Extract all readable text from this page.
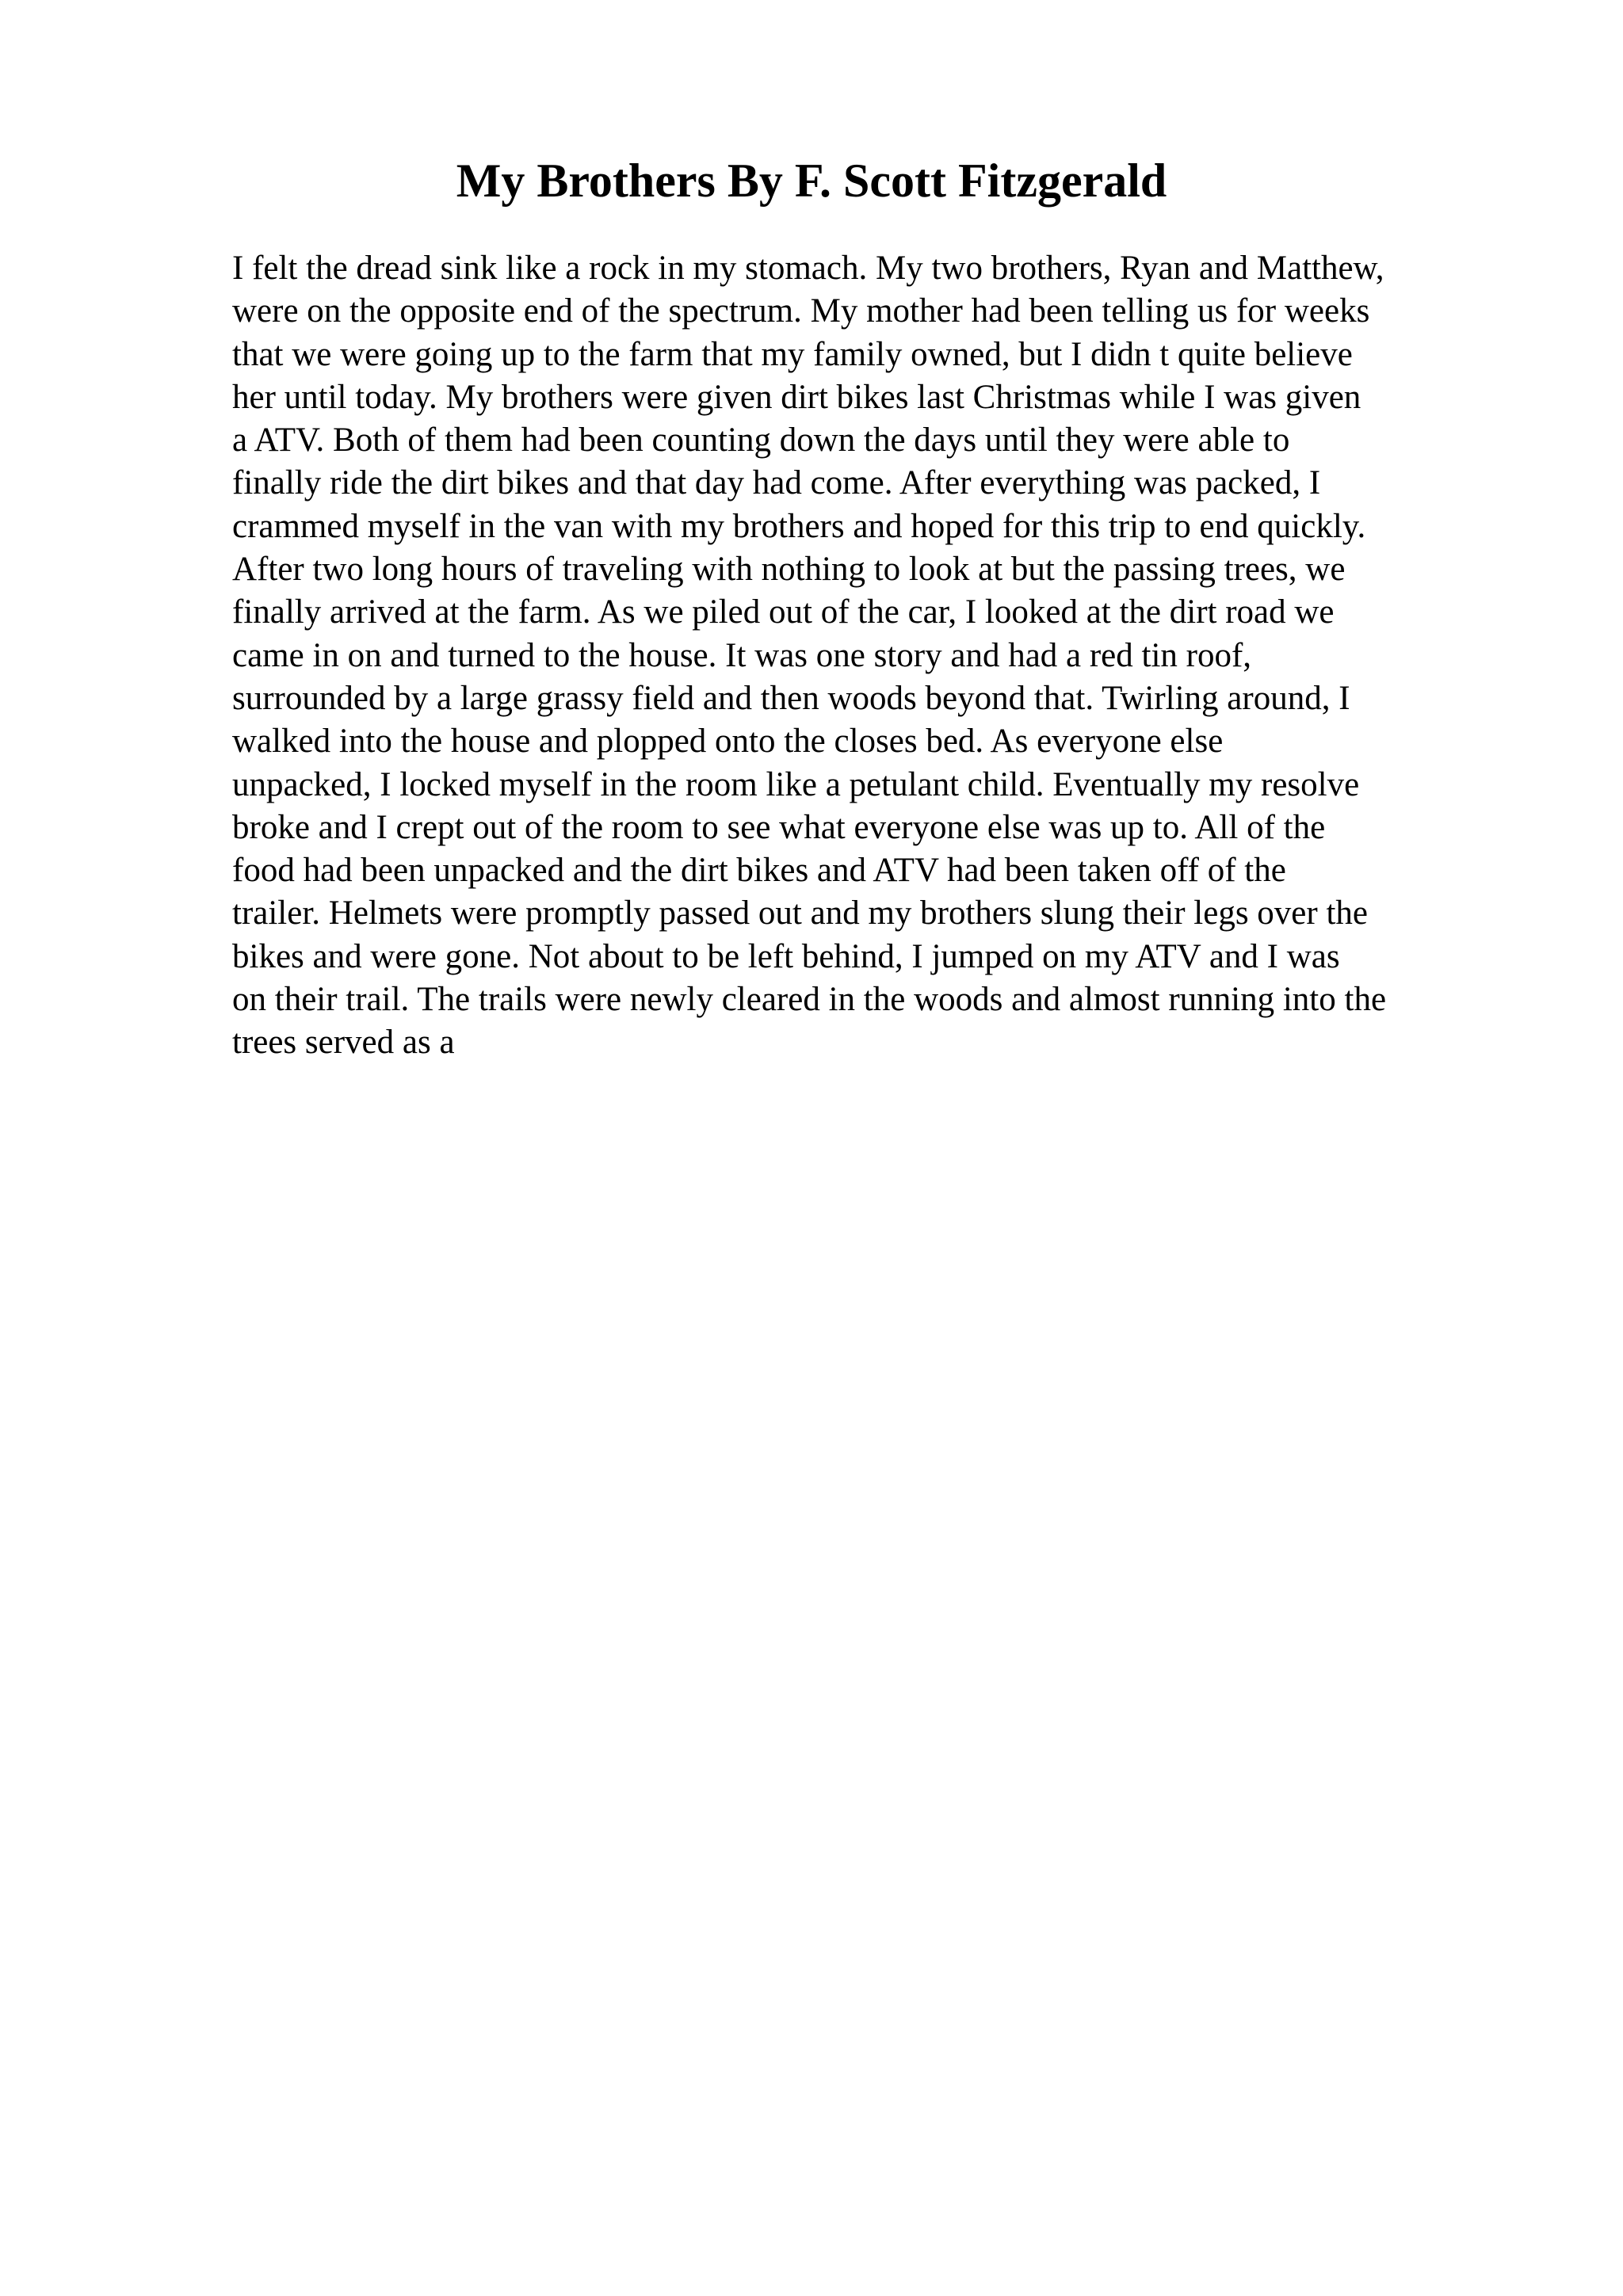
My Brothers By F. Scott Fitzgerald
I felt the dread sink like a rock in my stomach. My two brothers, Ryan and Matthew,
were on the opposite end of the spectrum. My mother had been telling us for weeks
that we were going up to the farm that my family owned, but I didn t quite believe
her until today. My brothers were given dirt bikes last Christmas while I was given
a ATV. Both of them had been counting down the days until they were able to
finally ride the dirt bikes and that day had come. After everything was packed, I
crammed myself in the van with my brothers and hoped for this trip to end quickly.
After two long hours of traveling with nothing to look at but the passing trees, we
finally arrived at the farm. As we piled out of the car, I looked at the dirt road we
came in on and turned to the house. It was one story and had a red tin roof,
surrounded by a large grassy field and then woods beyond that. Twirling around, I
walked into the house and plopped onto the closes bed. As everyone else
unpacked, I locked myself in the room like a petulant child. Eventually my resolve
broke and I crept out of the room to see what everyone else was up to. All of the
food had been unpacked and the dirt bikes and ATV had been taken off of the
trailer. Helmets were promptly passed out and my brothers slung their legs over the
bikes and were gone. Not about to be left behind, I jumped on my ATV and I was
on their trail. The trails were newly cleared in the woods and almost running into the
trees served as a
